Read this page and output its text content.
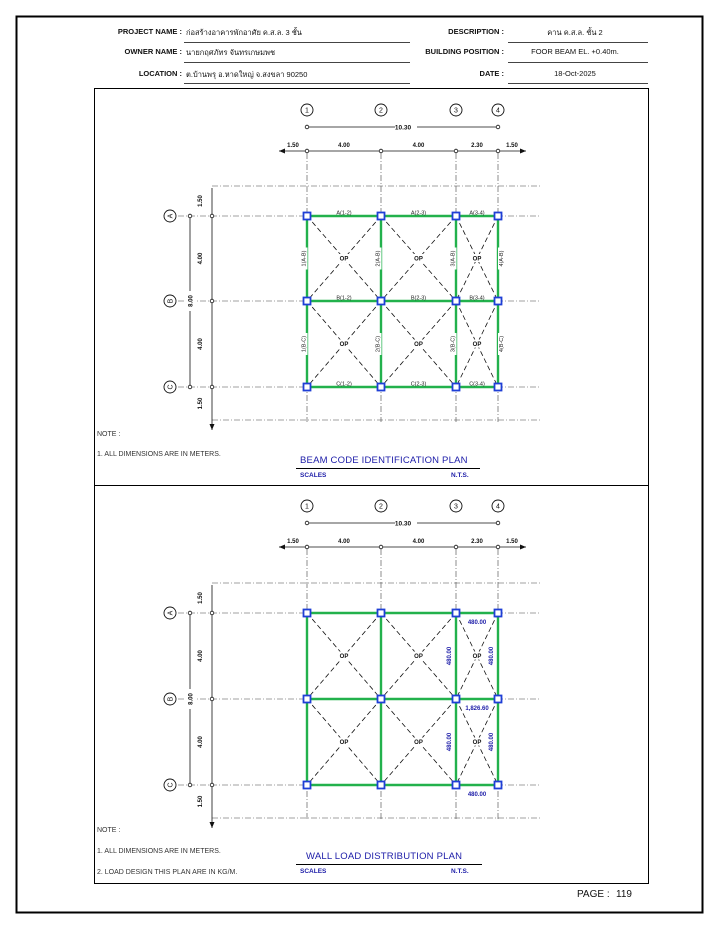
PROJECT NAME : ก่อสร้างอาคารพักอาศัย ค.ส.ล. 3 ชั้น
OWNER NAME : นายกฤศภัทร จันทรเกษมพช
LOCATION : ต.บ้านพรุ อ.หาดใหญ่ จ.สงขลา 90250
DESCRIPTION :	คาน ค.ส.ล. ชั้น 2
BUILDING POSITION :	FOOR BEAM EL. +0.40m.
DATE :	18-Oct-2025
1	2	3	4
10.30
1.50	4.00	4.00	2.30	1.50
A
B
C
8.00
1.50
4.00
4.00
1.50
OP	OP	OP
OP	OP	OP
A(1-2)	A(2-3)	A(3-4)
B(1-2)	B(2-3)	B(3-4)
C(1-2)	C(2-3)	C(3-4)
1(A-B)	2(A-B)	3(A-B)	4(A-B)
1(B-C)	2(B-C)	3(B-C)	4(B-C)
1	2	3	4
10.30
1.50	4.00	4.00	2.30	1.50
A
B
C
8.00
1.50
4.00
4.00
1.50
OP	OP	OP
OP	OP	OP
480.00
1,826.60
480.00
480.00	480.00
480.00	480.00
NOTE :
1. ALL DIMENSIONS ARE IN METERS.
BEAM CODE IDENTIFICATION PLAN
SCALES	N.T.S.
NOTE :
1. ALL DIMENSIONS ARE IN METERS.
2. LOAD DESIGN THIS PLAN ARE IN KG/M.
WALL LOAD DISTRIBUTION PLAN
SCALES	N.T.S.
PAGE : 119
